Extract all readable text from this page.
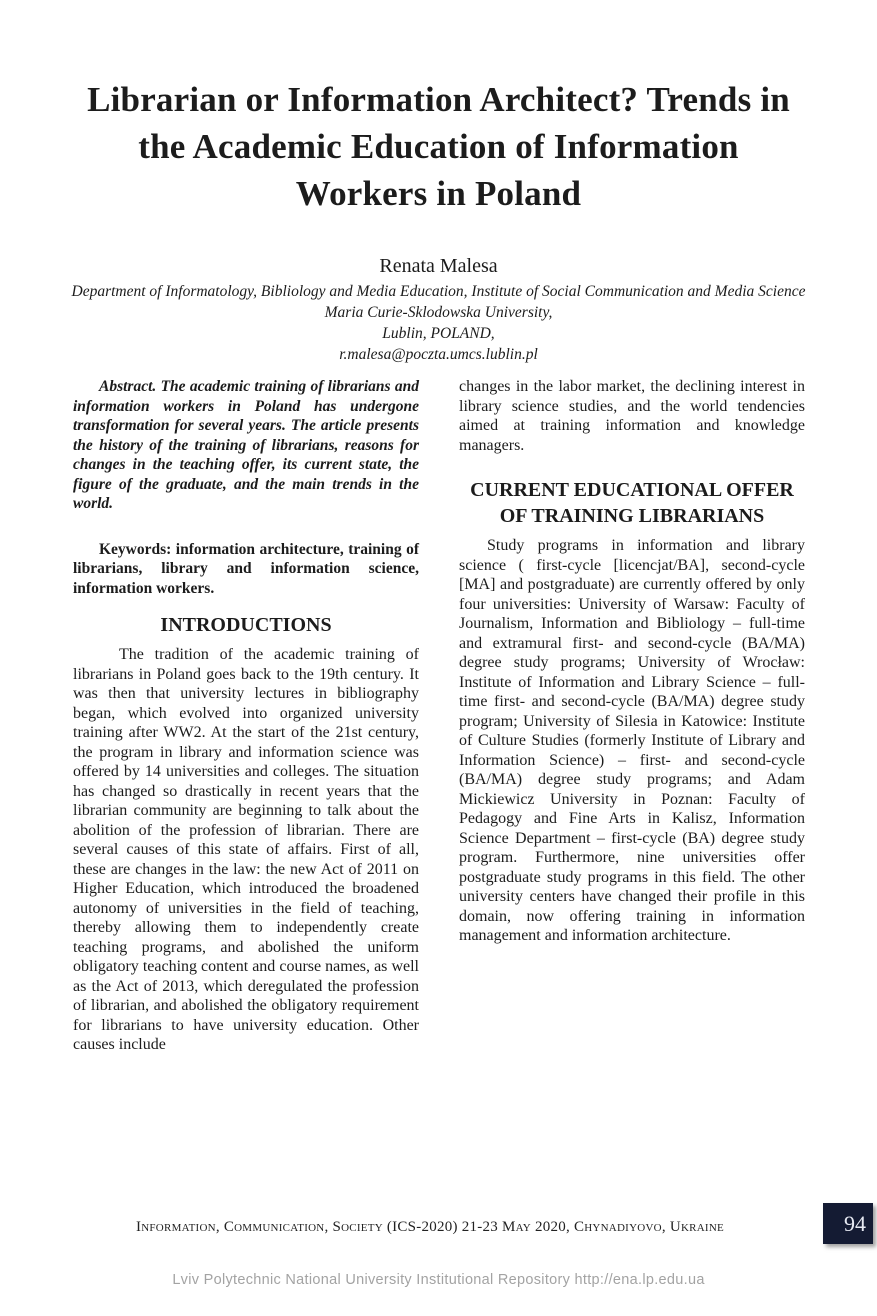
Librarian or Information Architect? Trends in
the Academic Education of Information
Workers in Poland
Renata Malesa
Department of Informatology, Bibliology and Media Education, Institute of Social Communication and Media Science
Maria Curie-Sklodowska University,
Lublin, POLAND,
r.malesa@poczta.umcs.lublin.pl

Abstract. The academic training of librarians and information workers in Poland has undergone transformation for several years. The article presents the history of the training of librarians, reasons for changes in the teaching offer, its current state, the figure of the graduate, and the main trends in the world.

Keywords: information architecture, training of librarians, library and information science, information workers.

INTRODUCTIONS

The tradition of the academic training of librarians in Poland goes back to the 19th century. It was then that university lectures in bibliography began, which evolved into organized university training after WW2. At the start of the 21st century, the program in library and information science was offered by 14 universities and colleges. The situation has changed so drastically in recent years that the librarian community are beginning to talk about the abolition of the profession of librarian. There are several causes of this state of affairs. First of all, these are changes in the law: the new Act of 2011 on Higher Education, which introduced the broadened autonomy of universities in the field of teaching, thereby allowing them to independently create teaching programs, and abolished the uniform obligatory teaching content and course names, as well as the Act of 2013, which deregulated the profession of librarian, and abolished the obligatory requirement for librarians to have university education. Other causes include

changes in the labor market, the declining interest in library science studies, and the world tendencies aimed at training information and knowledge managers.

CURRENT EDUCATIONAL OFFER
OF TRAINING LIBRARIANS

Study programs in information and library science ( first-cycle [licencjat/BA], second-cycle [MA] and postgraduate) are currently offered by only four universities: University of Warsaw: Faculty of Journalism, Information and Bibliology – full-time and extramural first- and second-cycle (BA/MA) degree study programs; University of Wrocław: Institute of Information and Library Science – full-time first- and second-cycle (BA/MA) degree study program; University of Silesia in Katowice: Institute of Culture Studies (formerly Institute of Library and Information Science) – first- and second-cycle (BA/MA) degree study programs; and Adam Mickiewicz University in Poznan: Faculty of Pedagogy and Fine Arts in Kalisz, Information Science Department – first-cycle (BA) degree study program. Furthermore, nine universities offer postgraduate study programs in this field. The other university centers have changed their profile in this domain, now offering training in information management and information architecture.

Information, Communication, Society (ICS-2020) 21-23 May 2020, Chynadiyovo, Ukraine	94
Lviv Polytechnic National University Institutional Repository http://ena.lp.edu.ua
